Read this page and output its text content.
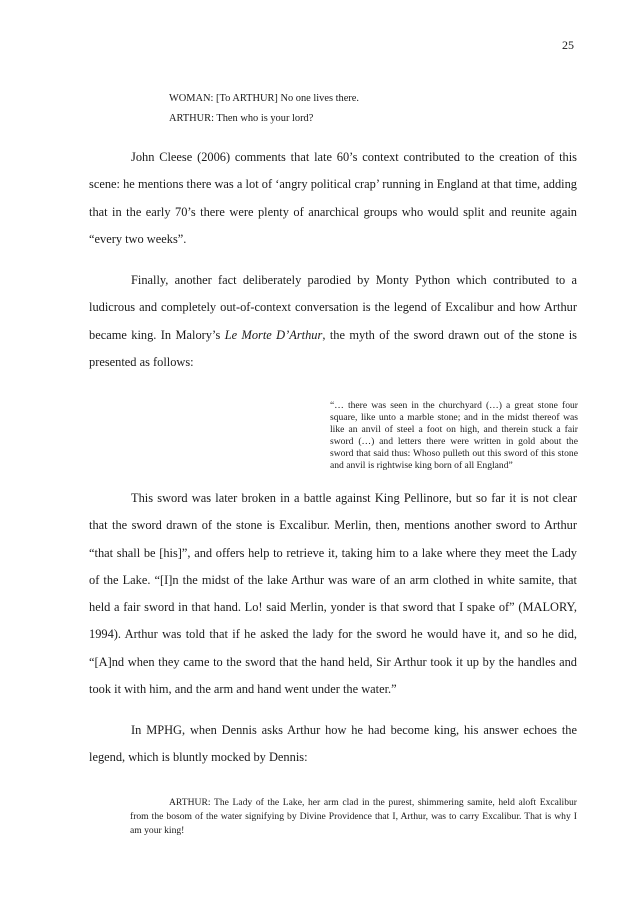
25
WOMAN: [To ARTHUR] No one lives there.
ARTHUR: Then who is your lord?

John Cleese (2006) comments that late 60’s context contributed to the creation of this scene: he mentions there was a lot of ‘angry political crap’ running in England at that time, adding that in the early 70’s there were plenty of anarchical groups who would split and reunite again “every two weeks”.

Finally, another fact deliberately parodied by Monty Python which contributed to a ludicrous and completely out-of-context conversation is the legend of Excalibur and how Arthur became king. In Malory’s Le Morte D’Arthur, the myth of the sword drawn out of the stone is presented as follows:

“… there was seen in the churchyard (…) a great stone four square, like unto a marble stone; and in the midst thereof was like an anvil of steel a foot on high, and therein stuck a fair sword (…) and letters there were written in gold about the sword that said thus: Whoso pulleth out this sword of this stone and anvil is rightwise king born of all England”

This sword was later broken in a battle against King Pellinore, but so far it is not clear that the sword drawn of the stone is Excalibur. Merlin, then, mentions another sword to Arthur “that shall be [his]”, and offers help to retrieve it, taking him to a lake where they meet the Lady of the Lake. “[I]n the midst of the lake Arthur was ware of an arm clothed in white samite, that held a fair sword in that hand. Lo! said Merlin, yonder is that sword that I spake of” (MALORY, 1994). Arthur was told that if he asked the lady for the sword he would have it, and so he did, “[A]nd when they came to the sword that the hand held, Sir Arthur took it up by the handles and took it with him, and the arm and hand went under the water.”

In MPHG, when Dennis asks Arthur how he had become king, his answer echoes the legend, which is bluntly mocked by Dennis:

ARTHUR: The Lady of the Lake, her arm clad in the purest, shimmering samite, held aloft Excalibur from the bosom of the water signifying by Divine Providence that I, Arthur, was to carry Excalibur. That is why I am your king!
